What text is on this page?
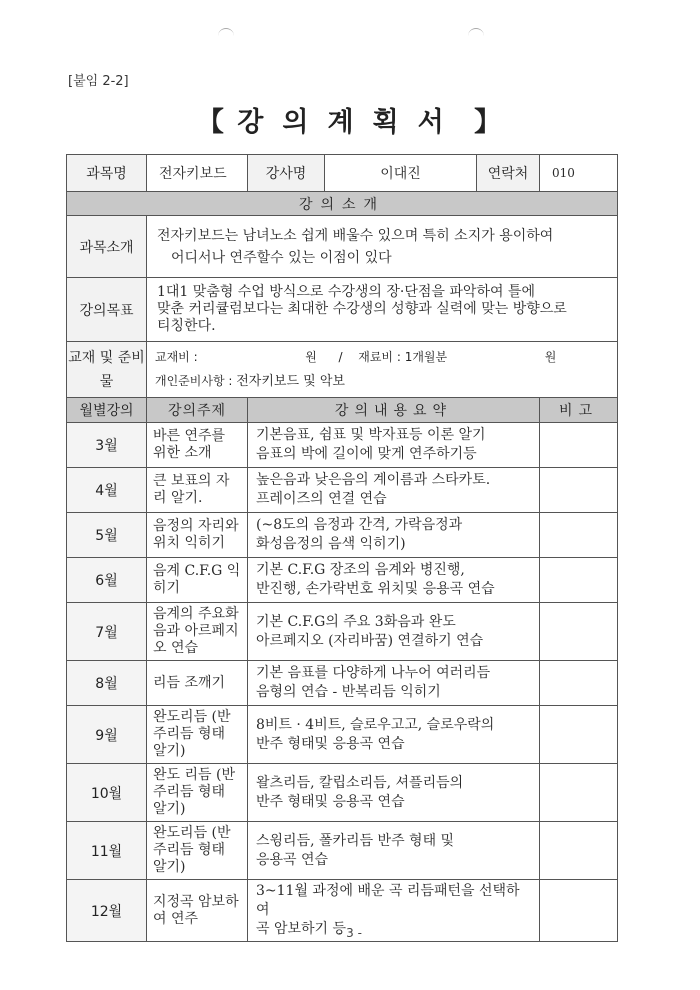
[붙임 2-2]
【 강의계획서 】
과목명	전자키보드	강사명	이대진	연락처	010
강의소개					
과목소개	전자키보드는 남녀노소 쉽게 배울수 있으며 특히 소지가 용이하여
어디서나 연주할수 있는 이점이 있다				

강의목표	1대1 맞춤형 수업 방식으로 수강생의 장·단점을 파악하여 틀에
맞춘 커리큘럼보다는 최대한 수강생의 성향과 실력에 맞는 방향으로
티칭한다.				

교재 및 준비물	교재비 : 원 / 재료비 : 1개월분 원
개인준비사항 : 전자키보드 및 악보				

월별강의	강의주제	강의내용요약			비고
3월	바른 연주를 위한 소개	기본음표, 쉼표 및 박자표등 이론 알기
음표의 박에 길이에 맞게 연주하기등			

4월	큰 보표의 자리 알기.	높은음과 낮은음의 계이름과 스타카토.
프레이즈의 연결 연습			

5월	음정의 자리와 위치 익히기	(~8도의 음정과 간격, 가락음정과
화성음정의 음색 익히기)			

6월	음계 C.F.G 익히기	기본 C.F.G 장조의 음계와 병진행,
반진행, 손가락번호 위치및 응용곡 연습			

7월	음계의 주요화음과 아르페지오 연습	기본 C.F.G의 주요 3화음과 완도
아르페지오 (자리바꿈) 연결하기 연습			

8월	리듬 조깨기	기본 음표를 다양하게 나누어 여러리듬
음형의 연습 - 반복리듬 익히기			

9월	완도리듬 (반주리듬 형태 알기)	8비트 · 4비트, 슬로우고고, 슬로우락의
반주 형태및 응용곡 연습			

10월	완도 리듬 (반주리듬 형태 알기)	왈츠리듬, 칼립소리듬, 셔플리듬의
반주 형태및 응용곡 연습			

11월	완도리듬 (반주리듬 형태 알기)	스윙리듬, 폴카리듬 반주 형태 및
응용곡 연습			

12월	지정곡 암보하여 연주	3~11월 과정에 배운 곡 리듬패턴을 선택하여
곡 암보하기 등			

- 3 -
